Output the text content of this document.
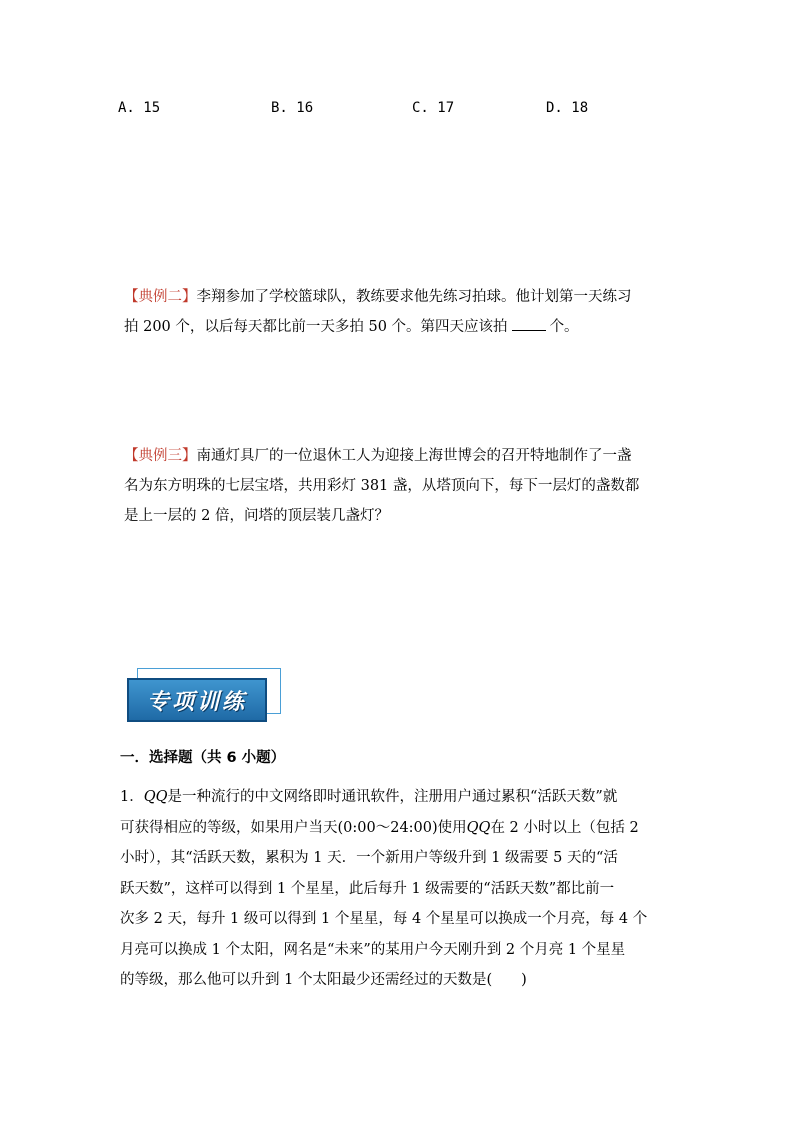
A. 15	B. 16	C. 17	D. 18
【典例二】李翔参加了学校篮球队，教练要求他先练习拍球。他计划第一天练习
拍 200 个，以后每天都比前一天多拍 50 个。第四天应该拍	个。
【典例三】南通灯具厂的一位退休工人为迎接上海世博会的召开特地制作了一盏
名为东方明珠的七层宝塔，共用彩灯 381 盏，从塔顶向下，每下一层灯的盏数都
是上一层的 2 倍，问塔的顶层装几盏灯？
专项训练
一．选择题（共 6 小题）
1．QQ是一种流行的中文网络即时通讯软件，注册用户通过累积“活跃天数”就
可获得相应的等级，如果用户当天(0:00～24:00)使用QQ在 2 小时以上（包括 2
小时），其“活跃天数，累积为 1 天．一个新用户等级升到 1 级需要 5 天的“活
跃天数”，这样可以得到 1 个星星，此后每升 1 级需要的“活跃天数”都比前一
次多 2 天，每升 1 级可以得到 1 个星星，每 4 个星星可以换成一个月亮，每 4 个
月亮可以换成 1 个太阳，网名是“未来”的某用户今天刚升到 2 个月亮 1 个星星
的等级，那么他可以升到 1 个太阳最少还需经过的天数是(　　)
